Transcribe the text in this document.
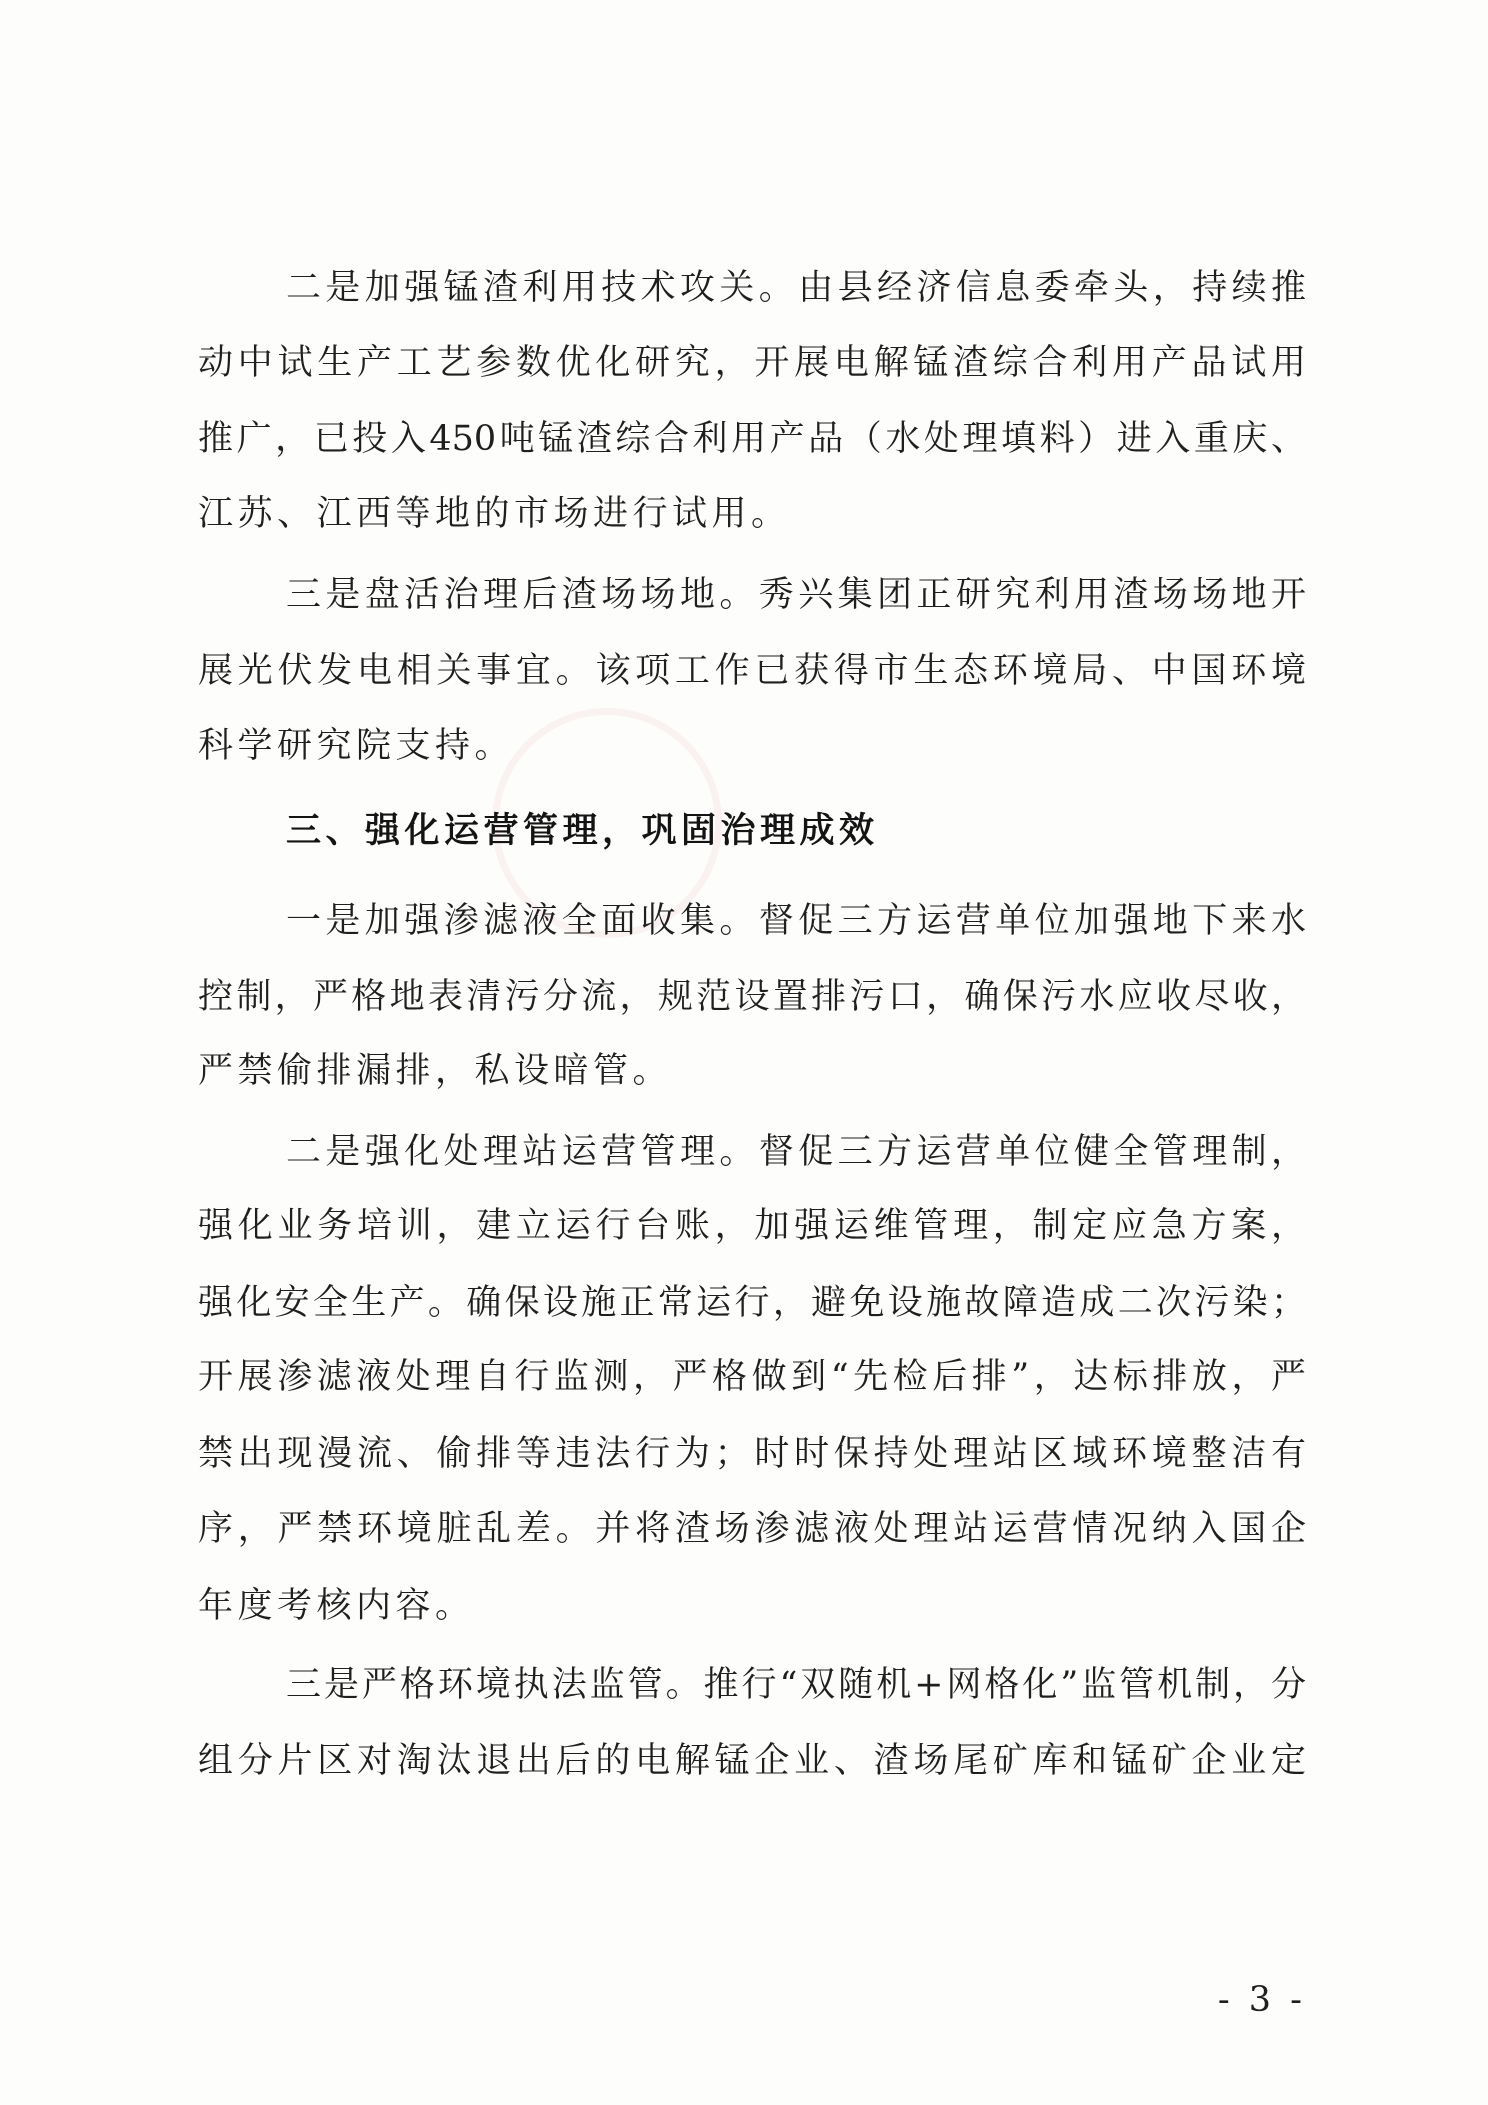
二是加强锰渣利用技术攻关。由县经济信息委牵头，持续推
动中试生产工艺参数优化研究，开展电解锰渣综合利用产品试用
推广，已投入450吨锰渣综合利用产品（水处理填料）进入重庆、
江苏、江西等地的市场进行试用。
三是盘活治理后渣场场地。秀兴集团正研究利用渣场场地开
展光伏发电相关事宜。该项工作已获得市生态环境局、中国环境
科学研究院支持。
三、强化运营管理，巩固治理成效
一是加强渗滤液全面收集。督促三方运营单位加强地下来水
控制，严格地表清污分流，规范设置排污口，确保污水应收尽收，
严禁偷排漏排，私设暗管。
二是强化处理站运营管理。督促三方运营单位健全管理制，
强化业务培训，建立运行台账，加强运维管理，制定应急方案，
强化安全生产。确保设施正常运行，避免设施故障造成二次污染；
开展渗滤液处理自行监测，严格做到“先检后排”，达标排放，严
禁出现漫流、偷排等违法行为；时时保持处理站区域环境整洁有
序，严禁环境脏乱差。并将渣场渗滤液处理站运营情况纳入国企
年度考核内容。
三是严格环境执法监管。推行“双随机+网格化”监管机制，分
组分片区对淘汰退出后的电解锰企业、渣场尾矿库和锰矿企业定
- 3 -
